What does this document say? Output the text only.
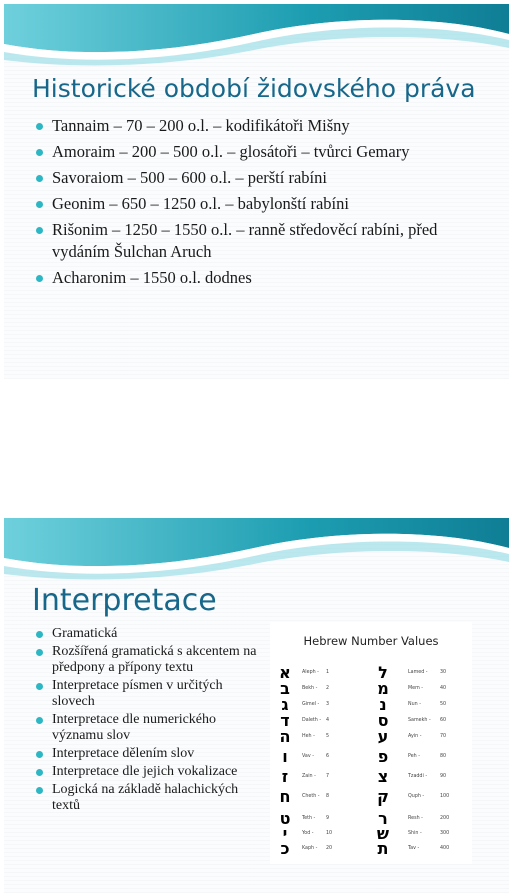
Historické období židovského práva
Tannaim – 70 – 200 o.l. – kodifikátoři Mišny
Amoraim – 200 – 500 o.l. – glosátoři – tvůrci Gemary
Savoraiom – 500 – 600 o.l. – perští rabíni
Geonim – 650 – 1250 o.l. – babylonští rabíni
Rišonim – 1250 – 1550 o.l. – ranně středověcí rabíni, před vydáním Šulchan Aruch
Acharonim – 1550 o.l. dodnes
Interpretace
Gramatická
Rozšířená gramatická s akcentem na předpony a přípony textu
Interpretace písmen v určitých slovech
Interpretace dle numerického významu slov
Interpretace dělením slov
Interpretace dle jejich vokalizace
Logická na základě halachických textů
Hebrew Number Values
א Aleph - 1
ב	Bekh - 2
ג	Gimel - 3
ד	Daleth - 4
ה	Heh - 5
ו	Vav -	6
ז	Zain - 7
ח	Cheth - 8
ט	Teth - 9
י	Yod -	10
כ	Kaph - 20
ל	Lamed -	30
מ	Mem -	40
נ	Nun -	50
ס	Samekh - 60
ע	Ayin -	70
פ	Peh -	80
צ	Tzaddi -	90
ק	Quph -	100
ר	Resh -	200
ש	Shin -	300
ת	Tav -	400
